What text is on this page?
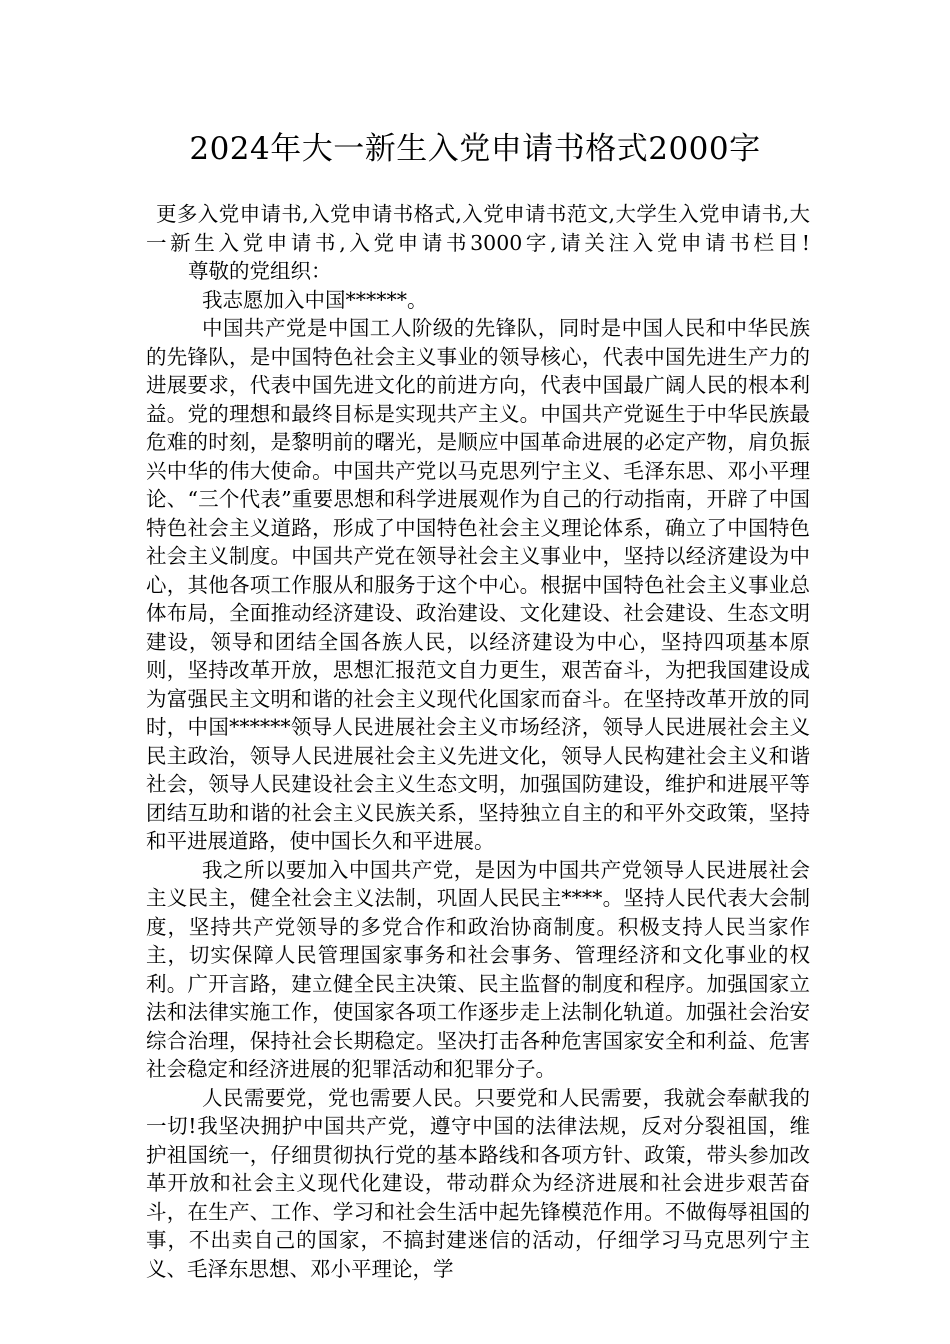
2024年大一新生入党申请书格式2000字

更多入党申请书,入党申请书格式,入党申请书范文,大学生入党申请书,大一新生入党申请书,入党申请书3000字,请关注入党申请书栏目!尊敬的党组织：

我志愿加入中国******。

中国共产党是中国工人阶级的先锋队，同时是中国人民和中华民族的先锋队，是中国特色社会主义事业的领导核心，代表中国先进生产力的进展要求，代表中国先进文化的前进方向，代表中国最广阔人民的根本利益。党的理想和最终目标是实现共产主义。中国共产党诞生于中华民族最危难的时刻，是黎明前的曙光，是顺应中国革命进展的必定产物，肩负振兴中华的伟大使命。中国共产党以马克思列宁主义、毛泽东思、邓小平理论、“三个代表”重要思想和科学进展观作为自己的行动指南，开辟了中国特色社会主义道路，形成了中国特色社会主义理论体系，确立了中国特色社会主义制度。中国共产党在领导社会主义事业中，坚持以经济建设为中心，其他各项工作服从和服务于这个中心。根据中国特色社会主义事业总体布局，全面推动经济建设、政治建设、文化建设、社会建设、生态文明建设，领导和团结全国各族人民，以经济建设为中心，坚持四项基本原则，坚持改革开放，思想汇报范文自力更生，艰苦奋斗，为把我国建设成为富强民主文明和谐的社会主义现代化国家而奋斗。在坚持改革开放的同时，中国******领导人民进展社会主义市场经济，领导人民进展社会主义民主政治，领导人民进展社会主义先进文化，领导人民构建社会主义和谐社会，领导人民建设社会主义生态文明，加强国防建设，维护和进展平等团结互助和谐的社会主义民族关系，坚持独立自主的和平外交政策，坚持和平进展道路，使中国长久和平进展。

我之所以要加入中国共产党，是因为中国共产党领导人民进展社会主义民主，健全社会主义法制，巩固人民民主****。坚持人民代表大会制度，坚持共产党领导的多党合作和政治协商制度。积极支持人民当家作主，切实保障人民管理国家事务和社会事务、管理经济和文化事业的权利。广开言路，建立健全民主决策、民主监督的制度和程序。加强国家立法和法律实施工作，使国家各项工作逐步走上法制化轨道。加强社会治安综合治理，保持社会长期稳定。坚决打击各种危害国家安全和利益、危害社会稳定和经济进展的犯罪活动和犯罪分子。

人民需要党，党也需要人民。只要党和人民需要，我就会奉献我的一切!我坚决拥护中国共产党，遵守中国的法律法规，反对分裂祖国，维护祖国统一，仔细贯彻执行党的基本路线和各项方针、政策，带头参加改革开放和社会主义现代化建设，带动群众为经济进展和社会进步艰苦奋斗，在生产、工作、学习和社会生活中起先锋模范作用。不做侮辱祖国的事，不出卖自己的国家，不搞封建迷信的活动，仔细学习马克思列宁主义、毛泽东思想、邓小平理论，学
